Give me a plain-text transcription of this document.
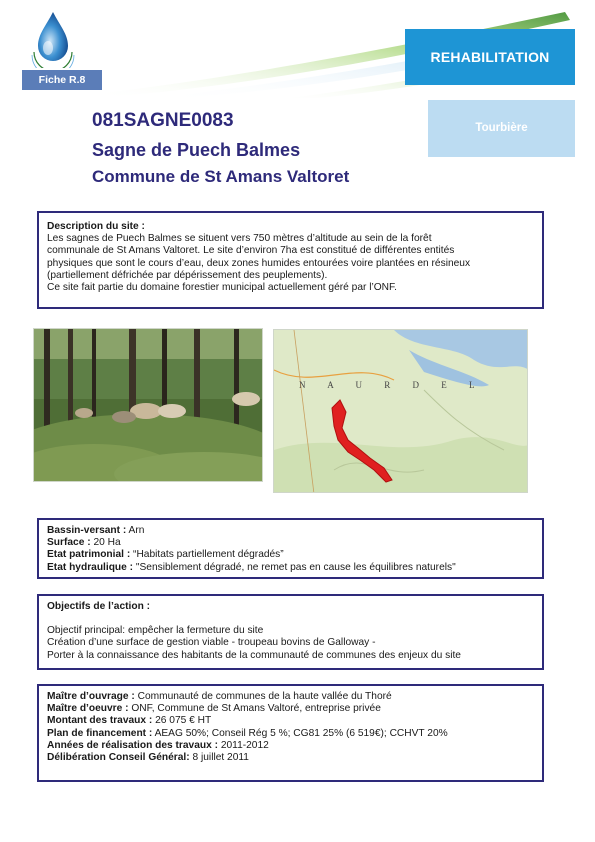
Fiche R.8
REHABILITATION
Tourbière
081SAGNE0083
Sagne de Puech Balmes
Commune de St Amans Valtoret
Description du site :
Les sagnes de Puech Balmes se situent vers 750 mètres d’altitude au sein de la forêt
communale de St Amans Valtoret. Le site d’environ 7ha est constitué de différentes entités
physiques que sont le cours d’eau, deux zones humides entourées voire plantées en résineux
(partiellement défrichée par dépérissement des peuplements).
Ce site fait partie du domaine forestier municipal actuellement géré par l’ONF.
N A U R D E L
Bassin-versant : Arn
Surface : 20 Ha
Etat patrimonial : “Habitats partiellement dégradés”
Etat hydraulique : "Sensiblement dégradé, ne remet pas en cause les équilibres naturels"
Objectifs de l’action :
Objectif principal: empêcher la fermeture du site
Création d’une surface de gestion viable - troupeau bovins de Galloway -
Porter à la connaissance des habitants de la communauté de communes des enjeux du site
Maître d’ouvrage : Communauté de communes de la haute vallée du Thoré
Maître d’oeuvre : ONF, Commune de St Amans Valtoré, entreprise privée
Montant des travaux : 26 075 € HT
Plan de financement : AEAG 50%; Conseil Rég 5 %; CG81 25% (6 519€); CCHVT 20%
Années de réalisation des travaux : 2011-2012
Délibération Conseil Général: 8 juillet 2011
